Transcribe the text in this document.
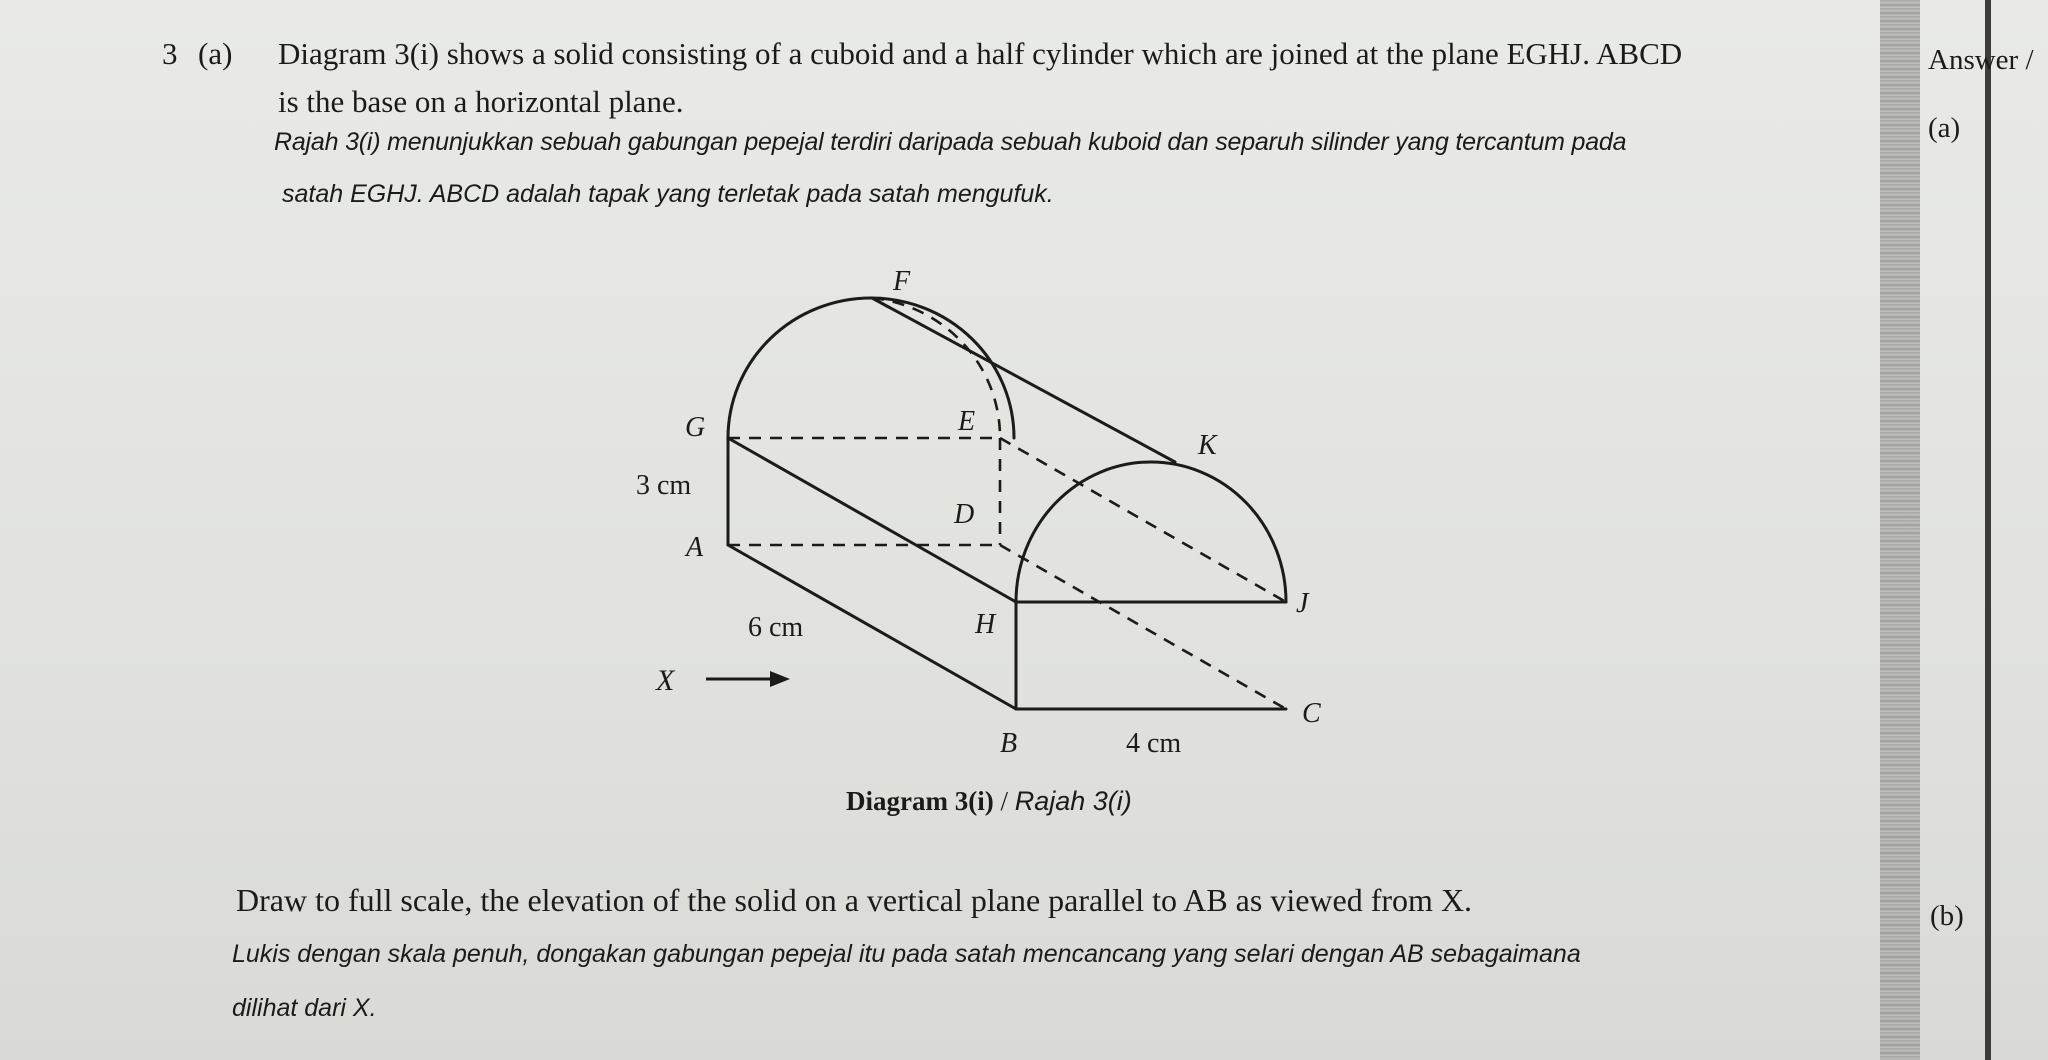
3 (a) Diagram 3(i) shows a solid consisting of a cuboid and a half cylinder which are joined at the plane EGHJ. ABCD
is the base on a horizontal plane.
Rajah 3(i) menunjukkan sebuah gabungan pepejal terdiri daripada sebuah kuboid dan separuh silinder yang tercantum pada
satah EGHJ. ABCD adalah tapak yang terletak pada satah mengufuk.
F
G	E
K
3 cm
D
A
J
6 cm	H
X
C
B	4 cm
Diagram 3(i) / Rajah 3(i)
Draw to full scale, the elevation of the solid on a vertical plane parallel to AB as viewed from X.
Lukis dengan skala penuh, dongakan gabungan pepejal itu pada satah mencancang yang selari dengan AB sebagaimana
dilihat dari X.
Answer /
(a)
(b)
